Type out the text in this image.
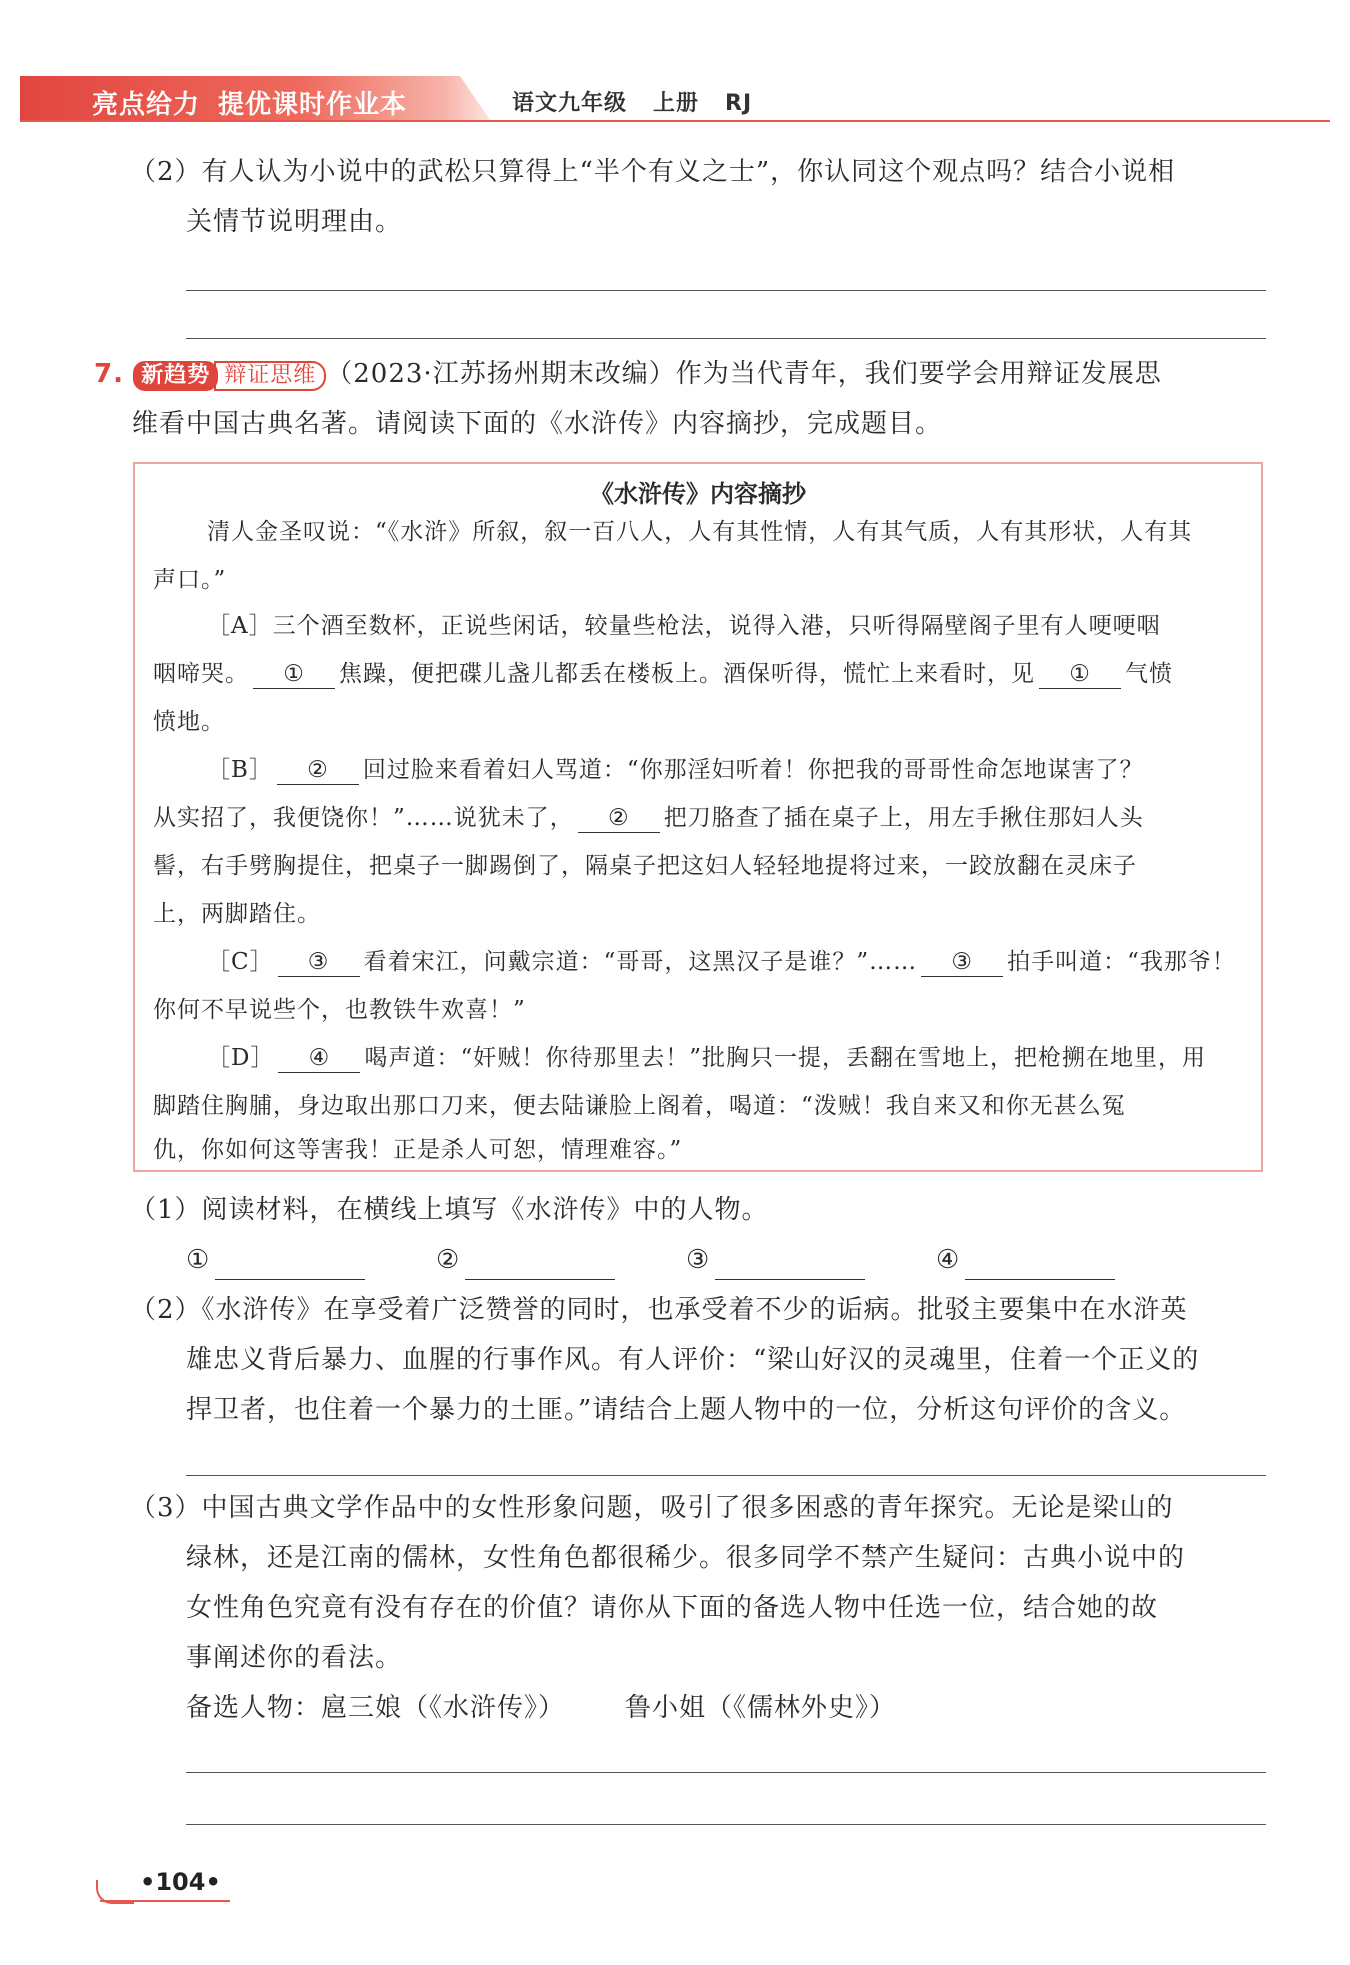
亮点给力 提优课时作业本	语文九年级 上册 RJ
（2）有人认为小说中的武松只算得上“半个有义之士”，你认同这个观点吗？结合小说相
关情节说明理由。
7. 新趋势 辩证思维 （2023·江苏扬州期末改编）作为当代青年，我们要学会用辩证发展思
维看中国古典名著。请阅读下面的《水浒传》内容摘抄，完成题目。
《水浒传》内容摘抄
清人金圣叹说：“《水浒》所叙，叙一百八人，人有其性情，人有其气质，人有其形状，人有其
声口。”
［A］三个酒至数杯，正说些闲话，较量些枪法，说得入港，只听得隔壁阁子里有人哽哽咽
咽啼哭。 ① 焦躁，便把碟儿盏儿都丢在楼板上。酒保听得，慌忙上来看时，见 ① 气愤
愤地。
［B］ ② 回过脸来看着妇人骂道：“你那淫妇听着！你把我的哥哥性命怎地谋害了？
从实招了，我便饶你！”……说犹未了， ② 把刀胳查了插在桌子上，用左手揪住那妇人头
髻，右手劈胸提住，把桌子一脚踢倒了，隔桌子把这妇人轻轻地提将过来，一跤放翻在灵床子
上，两脚踏住。
［C］ ③ 看着宋江，问戴宗道：“哥哥，这黑汉子是谁？”…… ③ 拍手叫道：“我那爷！
你何不早说些个，也教铁牛欢喜！”
［D］ ④ 喝声道：“奸贼！你待那里去！”批胸只一提，丢翻在雪地上，把枪搠在地里，用
脚踏住胸脯，身边取出那口刀来，便去陆谦脸上阁着，喝道：“泼贼！我自来又和你无甚么冤
仇，你如何这等害我！正是杀人可恕，情理难容。”
（1）阅读材料，在横线上填写《水浒传》中的人物。
①	②	③	④
（2）《水浒传》在享受着广泛赞誉的同时，也承受着不少的诟病。批驳主要集中在水浒英
雄忠义背后暴力、血腥的行事作风。有人评价：“梁山好汉的灵魂里，住着一个正义的
捍卫者，也住着一个暴力的土匪。”请结合上题人物中的一位，分析这句评价的含义。
（3）中国古典文学作品中的女性形象问题，吸引了很多困惑的青年探究。无论是梁山的
绿林，还是江南的儒林，女性角色都很稀少。很多同学不禁产生疑问：古典小说中的
女性角色究竟有没有存在的价值？请你从下面的备选人物中任选一位，结合她的故
事阐述你的看法。
备选人物：扈三娘（《水浒传》） 鲁小姐（《儒林外史》）
•104•
